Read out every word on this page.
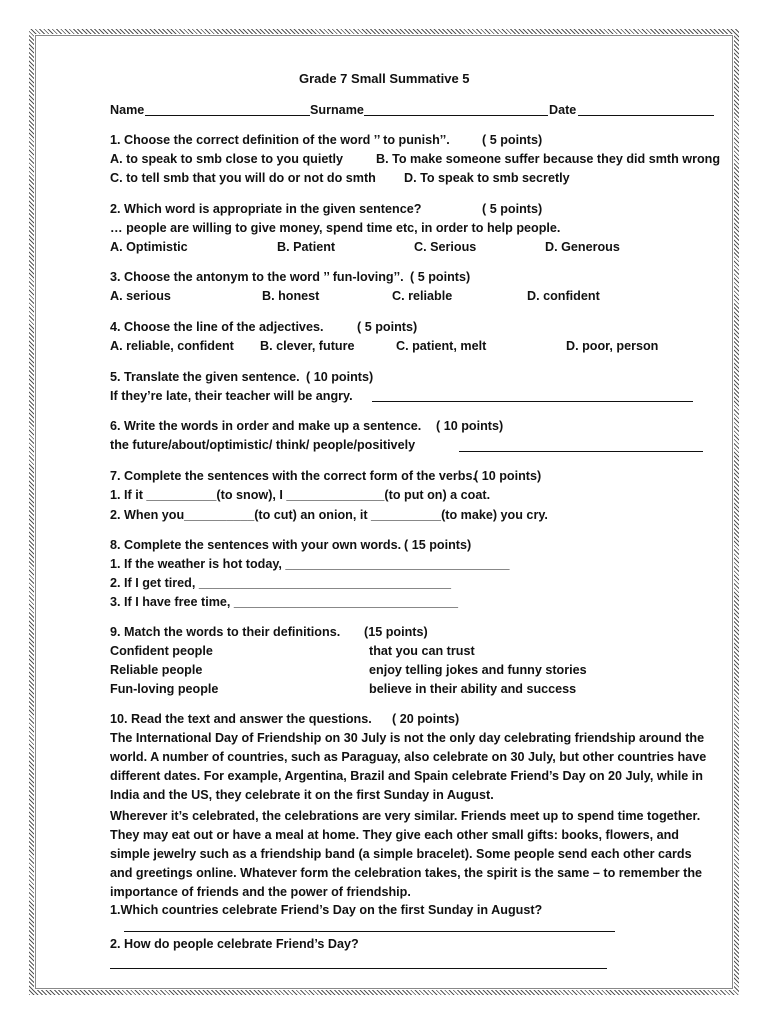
Grade 7 Small Summative 5
Name	Surname	Date
1. Choose the correct definition of the word ’’ to punish’’.	( 5 points)
A. to speak to smb close to you quietly	B. To make someone suffer because they did smth wrong
C. to tell smb that you will do or not do smth D. To speak to smb secretly
2. Which word is appropriate in the given sentence?	( 5 points)
… people are willing to give money, spend time etc, in order to help people.
A. Optimistic	B. Patient	C. Serious	D. Generous
3. Choose the antonym to the word ’’ fun-loving’’. ( 5 points)
A. serious	B. honest	C. reliable	D. confident
4. Choose the line of the adjectives.	( 5 points)
A. reliable, confident B. clever, future	C. patient, melt	D. poor, person
5. Translate the given sentence. ( 10 points)
If they’re late, their teacher will be angry.
6. Write the words in order and make up a sentence. ( 10 points)
the future/about/optimistic/ think/ people/positively
7. Complete the sentences with the correct form of the verbs.
( 10 points)
1. If it __________(to snow), I ______________(to put on) a coat.
2. When you__________(to cut) an onion, it __________(to make) you cry.
8. Complete the sentences with your own words. ( 15 points)
1. If the weather is hot today, ________________________________
2. If I get tired, ____________________________________
3. If I have free time, ________________________________
9. Match the words to their definitions. (15 points)
Confident people	that you can trust
Reliable people	enjoy telling jokes and funny stories
Fun-loving people	believe in their ability and success
10. Read the text and answer the questions. ( 20 points)
The International Day of Friendship on 30 July is not the only day celebrating friendship around the world. A number of countries, such as Paraguay, also celebrate on 30 July, but other countries have different dates. For example, Argentina, Brazil and Spain celebrate Friend’s Day on 20 July, while in India and the US, they celebrate it on the first Sunday in August.
Wherever it’s celebrated, the celebrations are very similar. Friends meet up to spend time together. They may eat out or have a meal at home. They give each other small gifts: books, flowers, and simple jewelry such as a friendship band (a simple bracelet). Some people send each other cards and greetings online. Whatever form the celebration takes, the spirit is the same – to remember the importance of friends and the power of friendship.
1.Which countries celebrate Friend’s Day on the first Sunday in August?
2. How do people celebrate Friend’s Day?
